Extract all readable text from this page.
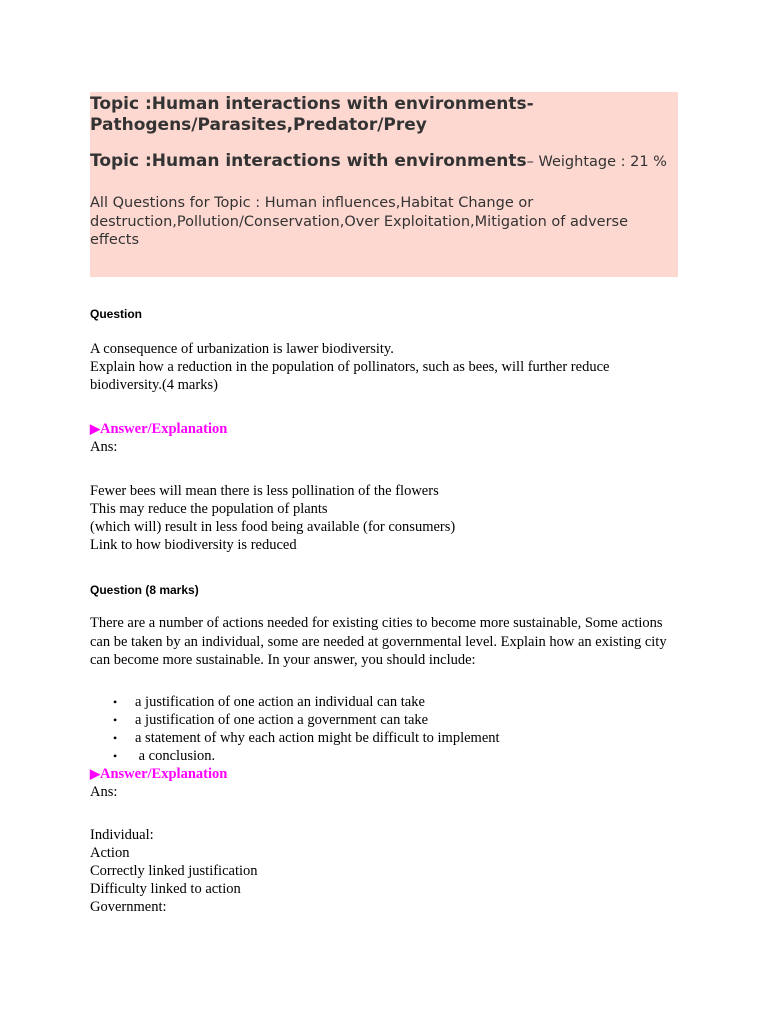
Topic :Human interactions with environments-Pathogens/Parasites,Predator/Prey

Topic :Human interactions with environments– Weightage : 21 %

All Questions for Topic : Human influences,Habitat Change or destruction,Pollution/Conservation,Over Exploitation,Mitigation of adverse effects

Question

A consequence of urbanization is lawer biodiversity.

Explain how a reduction in the population of pollinators, such as bees, will further reduce biodiversity.(4 marks)

▶Answer/Explanation

Ans:

Fewer bees will mean there is less pollination of the flowers

This may reduce the population of plants

(which will) result in less food being available (for consumers)

Link to how biodiversity is reduced

Question (8 marks)

There are a number of actions needed for existing cities to become more sustainable, Some actions can be taken by an individual, some are needed at governmental level. Explain how an existing city can become more sustainable. In your answer, you should include:

• a justification of one action an individual can take
• a justification of one action a government can take
• a statement of why each action might be difficult to implement
•  a conclusion.

▶Answer/Explanation

Ans:

Individual:

Action

Correctly linked justification

Difficulty linked to action

Government:
